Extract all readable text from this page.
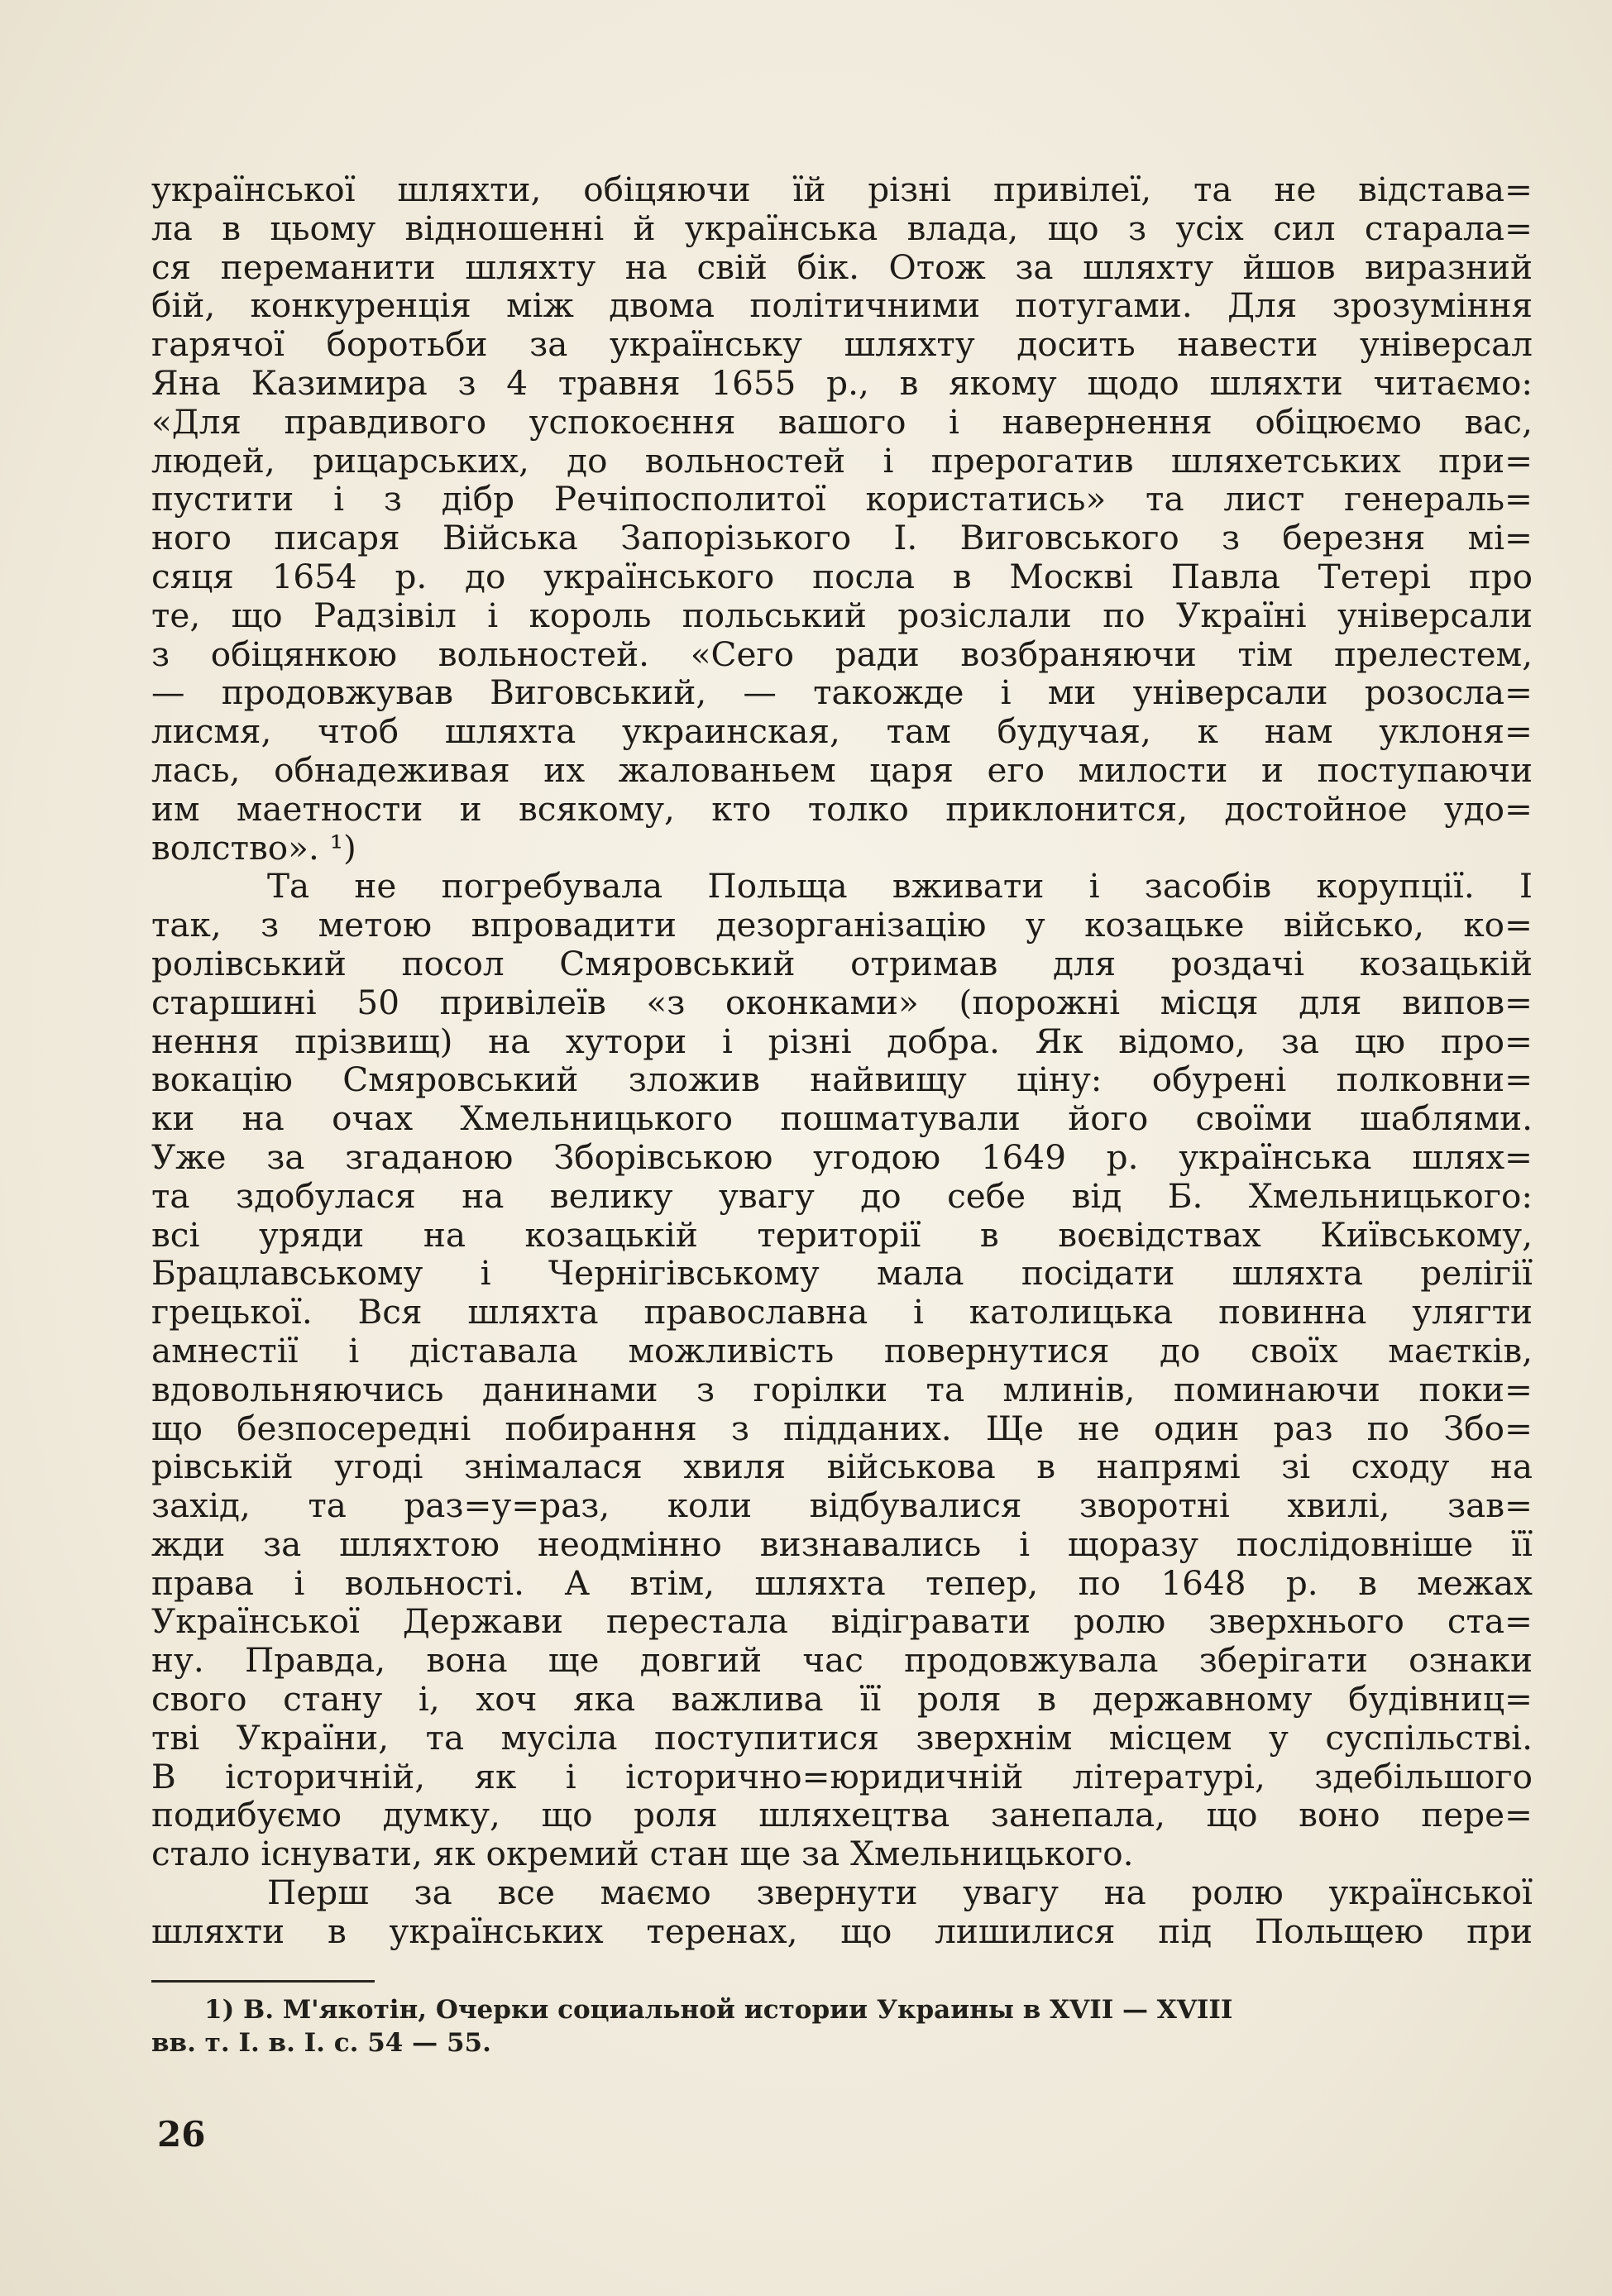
української шляхти, обіцяючи їй різні привілеї, та не відстава=
ла в цьому відношенні й українська влада, що з усіх сил старала=
ся переманити шляхту на свій бік. Отож за шляхту йшов виразний
бій, конкуренція між двома політичними потугами. Для зрозуміння
гарячої боротьби за українську шляхту досить навести універсал
Яна Казимира з 4 травня 1655 р., в якому щодо шляхти читаємо:
«Для правдивого успокоєння вашого і навернення обіцюємо вас,
людей, рицарських, до вольностей і прерогатив шляхетських при=
пустити і з дібр Речіпосполитої користатись» та лист генераль=
ного писаря Війська Запорізького І. Виговського з березня мі=
сяця 1654 р. до українського посла в Москві Павла Тетері про
те, що Радзівіл і король польський розіслали по Україні універсали
з обіцянкою вольностей. «Сего ради возбраняючи тім прелестем,
— продовжував Виговський, — такожде і ми універсали розосла=
лисмя, чтоб шляхта украинская, там будучая, к нам уклоня=
лась, обнадеживая их жалованьем царя его милости и поступаючи
им маетности и всякому, кто толко приклонится, достойное удо=
волство». ¹)
Та не погребувала Польща вживати і засобів корупції. І
так, з метою впровадити дезорганізацію у козацьке військо, ко=
ролівський посол Смяровський отримав для роздачі козацькій
старшині 50 привілеїв «з оконками» (порожні місця для випов=
нення прізвищ) на хутори і різні добра. Як відомо, за цю про=
вокацію Смяровський зложив найвищу ціну: обурені полковни=
ки на очах Хмельницького пошматували його своїми шаблями.
Уже за згаданою Зборівською угодою 1649 р. українська шлях=
та здобулася на велику увагу до себе від Б. Хмельницького:
всі уряди на козацькій території в воєвідствах Київському,
Брацлавському і Чернігівському мала посідати шляхта релігії
грецької. Вся шляхта православна і католицька повинна улягти
амнестії і діставала можливість повернутися до своїх маєтків,
вдовольняючись данинами з горілки та млинів, поминаючи поки=
що безпосередні побирання з підданих. Ще не один раз по Збо=
рівській угоді знімалася хвиля військова в напрямі зі сходу на
захід, та раз=у=раз, коли відбувалися зворотні хвилі, зав=
жди за шляхтою неодмінно визнавались і щоразу послідовніше її
права і вольності. А втім, шляхта тепер, по 1648 р. в межах
Української Держави перестала відігравати ролю зверхнього ста=
ну. Правда, вона ще довгий час продовжувала зберігати ознаки
свого стану і, хоч яка важлива її роля в державному будівниц=
тві України, та мусіла поступитися зверхнім місцем у суспільстві.
В історичній, як і історично=юридичній літературі, здебільшого
подибуємо думку, що роля шляхецтва занепала, що воно пере=
стало існувати, як окремий стан ще за Хмельницького.
Перш за все маємо звернути увагу на ролю української
шляхти в українських теренах, що лишилися під Польщею при
1) В. М'якотін, Очерки социальной истории Украины в XVII — XVIII
вв. т. І. в. І. с. 54 — 55.
26
